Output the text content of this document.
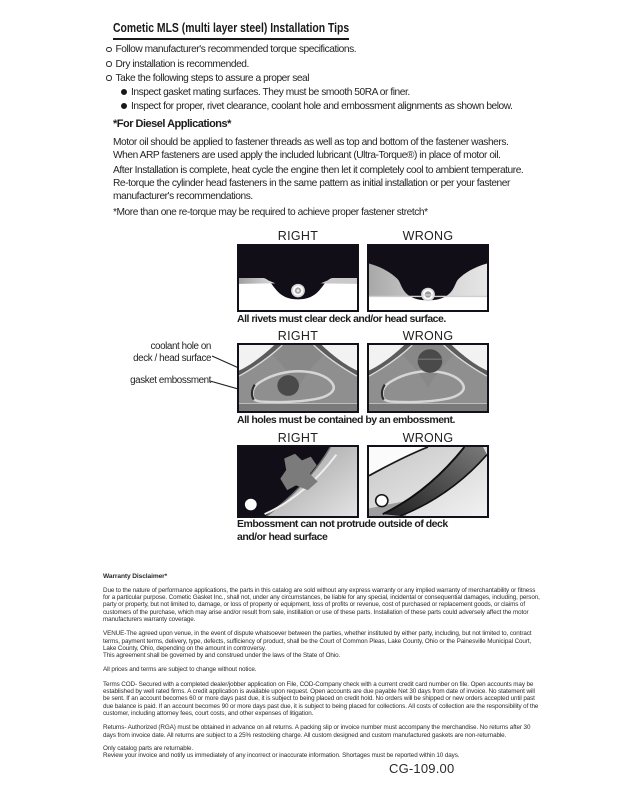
Cometic MLS (multi layer steel) Installation Tips
Follow manufacturer's recommended torque specifications.
Dry installation is recommended.
Take the following steps to assure a proper seal
Inspect gasket mating surfaces. They must be smooth 50RA or finer.
Inspect for proper, rivet clearance, coolant hole and embossment alignments as shown below.
*For Diesel Applications*
Motor oil should be applied to fastener threads as well as top and bottom of the fastener washers. When ARP fasteners are used apply the included lubricant (Ultra-Torque®) in place of motor oil.
After Installation is complete, heat cycle the engine then let it completely cool to ambient temperature. Re-torque the cylinder head fasteners in the same pattern as initial installation or per your fastener manufacturer's recommendations.
*More than one re-torque may be required to achieve proper fastener stretch*
RIGHT	WRONG
All rivets must clear deck and/or head surface.
RIGHT	WRONG
coolant hole on
deck / head surface
gasket embossment
All holes must be contained by an embossment.
RIGHT	WRONG
Embossment can not protrude outside of deck
and/or head surface
Warranty Disclaimer*

Due to the nature of performance applications, the parts in this catalog are sold without any express warranty or any implied warranty of merchantability or fitness for a particular purpose. Cometic Gasket Inc., shall not, under any circumstances, be liable for any special, incidental or consequential damages, including, person, party or property, but not limited to, damage, or loss of property or equipment, loss of profits or revenue, cost of purchased or replacement goods, or claims of customers of the purchase, which may arise and/or result from sale, instillation or use of these parts. Installation of these parts could adversely affect the motor manufacturers warranty coverage.

VENUE-The agreed upon venue, in the event of dispute whatsoever between the parties, whether instituted by either party, including, but not limited to, contract terms, payment terms, delivery, type, defects, sufficiency of product, shall be the Court of Common Pleas, Lake County, Ohio or the Painesville Municipal Court, Lake County, Ohio, depending on the amount in controversy.
This agreement shall be governed by and construed under the laws of the State of Ohio.

All prices and terms are subject to change without notice.

Terms COD- Secured with a completed dealer/jobber application on File, COD-Company check with a current credit card number on file. Open accounts may be established by well rated firms. A credit application is available upon request. Open accounts are due payable Net 30 days from date of invoice. No statement will be sent. If an account becomes 60 or more days past due, it is subject to being placed on credit hold. No orders will be shipped or new orders accepted until past due balance is paid. If an account becomes 90 or more days past due, it is subject to being placed for collections. All costs of collection are the responsibility of the customer, including attorney fees, court costs, and other expenses of litigation.

Returns- Authorized (RGA) must be obtained in advance on all returns. A packing slip or invoice number must accompany the merchandise. No returns after 30 days from invoice date. All returns are subject to a 25% restocking charge. All custom designed and custom manufactured gaskets are non-returnable.

Only catalog parts are returnable.
Review your invoice and notify us immediately of any incorrect or inaccurate information. Shortages must be reported within 10 days.
CG-109.00
